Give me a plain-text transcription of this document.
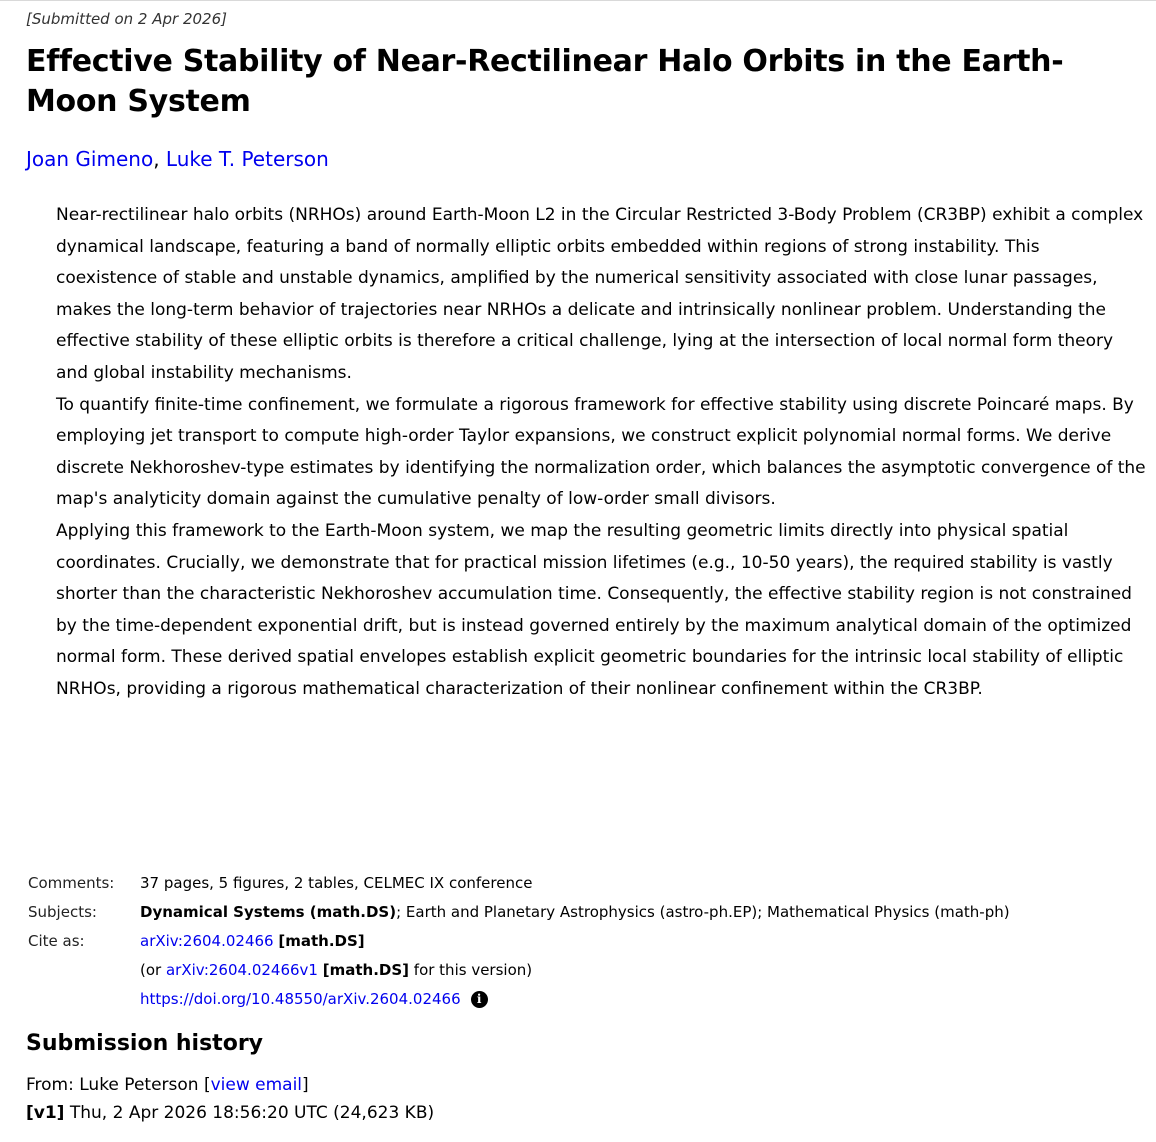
[Submitted on 2 Apr 2026]
Effective Stability of Near-Rectilinear Halo Orbits in the Earth-Moon System
Joan Gimeno, Luke T. Peterson

Near-rectilinear halo orbits (NRHOs) around Earth-Moon L2 in the Circular Restricted 3-Body Problem (CR3BP) exhibit a complex dynamical landscape, featuring a band of normally elliptic orbits embedded within regions of strong instability. This coexistence of stable and unstable dynamics, amplified by the numerical sensitivity associated with close lunar passages, makes the long-term behavior of trajectories near NRHOs a delicate and intrinsically nonlinear problem. Understanding the effective stability of these elliptic orbits is therefore a critical challenge, lying at the intersection of local normal form theory and global instability mechanisms.

To quantify finite-time confinement, we formulate a rigorous framework for effective stability using discrete Poincaré maps. By employing jet transport to compute high-order Taylor expansions, we construct explicit polynomial normal forms. We derive discrete Nekhoroshev-type estimates by identifying the normalization order, which balances the asymptotic convergence of the map's analyticity domain against the cumulative penalty of low-order small divisors.

Applying this framework to the Earth-Moon system, we map the resulting geometric limits directly into physical spatial coordinates. Crucially, we demonstrate that for practical mission lifetimes (e.g., 10-50 years), the required stability is vastly shorter than the characteristic Nekhoroshev accumulation time. Consequently, the effective stability region is not constrained by the time-dependent exponential drift, but is instead governed entirely by the maximum analytical domain of the optimized normal form. These derived spatial envelopes establish explicit geometric boundaries for the intrinsic local stability of elliptic NRHOs, providing a rigorous mathematical characterization of their nonlinear confinement within the CR3BP.

Comments:	37 pages, 5 figures, 2 tables, CELMEC IX conference
Subjects:	Dynamical Systems (math.DS); Earth and Planetary Astrophysics (astro-ph.EP); Mathematical Physics (math-ph)
Cite as:	arXiv:2604.02466 [math.DS]
	(or arXiv:2604.02466v1 [math.DS] for this version)
	https://doi.org/10.48550/arXiv.2604.02466 i
Submission history
From: Luke Peterson [view email]
[v1] Thu, 2 Apr 2026 18:56:20 UTC (24,623 KB)
